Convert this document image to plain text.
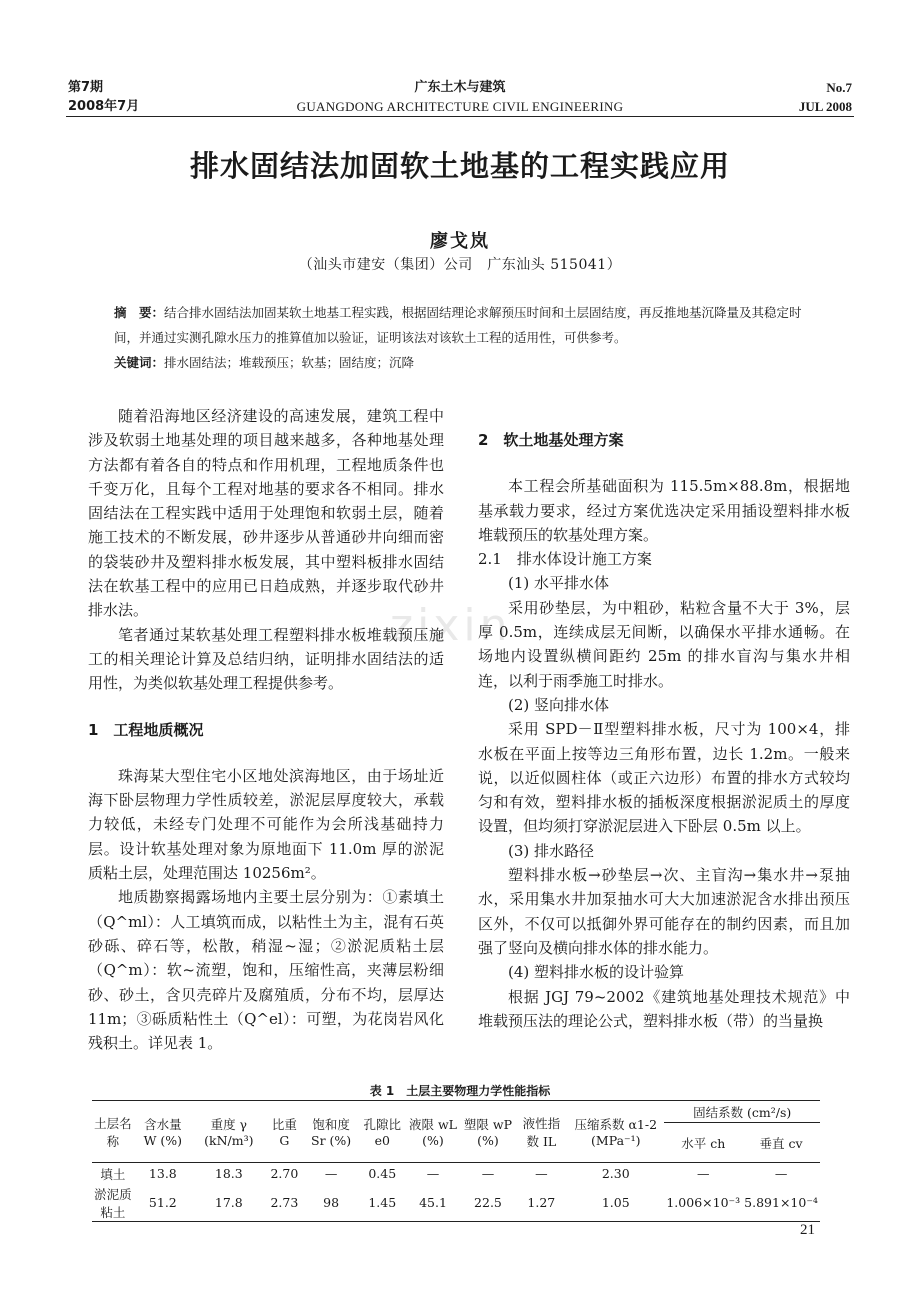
第7期
2008年7月
广东土木与建筑
GUANGDONG ARCHITECTURE CIVIL ENGINEERING
No.7
JUL 2008
zixin
排水固结法加固软土地基的工程实践应用
廖戈岚
（汕头市建安（集团）公司　广东汕头 515041）
摘　要：结合排水固结法加固某软土地基工程实践，根据固结理论求解预压时间和土层固结度，再反推地基沉降量及其稳定时间，并通过实测孔隙水压力的推算值加以验证，证明该法对该软土工程的适用性，可供参考。
关键词：排水固结法；堆载预压；软基；固结度；沉降

随着沿海地区经济建设的高速发展，建筑工程中涉及软弱土地基处理的项目越来越多，各种地基处理方法都有着各自的特点和作用机理，工程地质条件也千变万化，且每个工程对地基的要求各不相同。排水固结法在工程实践中适用于处理饱和软弱土层，随着施工技术的不断发展，砂井逐步从普通砂井向细而密的袋装砂井及塑料排水板发展，其中塑料板排水固结法在软基工程中的应用已日趋成熟，并逐步取代砂井排水法。

笔者通过某软基处理工程塑料排水板堆载预压施工的相关理论计算及总结归纳，证明排水固结法的适用性，为类似软基处理工程提供参考。

1　工程地质概况

珠海某大型住宅小区地处滨海地区，由于场址近海下卧层物理力学性质较差，淤泥层厚度较大，承载力较低，未经专门处理不可能作为会所浅基础持力层。设计软基处理对象为原地面下 11.0m 厚的淤泥质粘土层，处理范围达 10256m²。

地质勘察揭露场地内主要土层分别为：①素填土（Q^ml）：人工填筑而成，以粘性土为主，混有石英砂砾、碎石等，松散，稍湿~湿；②淤泥质粘土层（Q^m）：软~流塑，饱和，压缩性高，夹薄层粉细砂、砂土，含贝壳碎片及腐殖质，分布不均，层厚达 11m；③砾质粘性土（Q^el）：可塑，为花岗岩风化残积土。详见表 1。

2　软土地基处理方案

本工程会所基础面积为 115.5m×88.8m，根据地基承载力要求，经过方案优选决定采用插设塑料排水板堆载预压的软基处理方案。

2.1　排水体设计施工方案

(1) 水平排水体

采用砂垫层，为中粗砂，粘粒含量不大于 3%，层厚 0.5m，连续成层无间断，以确保水平排水通畅。在场地内设置纵横间距约 25m 的排水盲沟与集水井相连，以利于雨季施工时排水。

(2) 竖向排水体

采用 SPD－Ⅱ型塑料排水板，尺寸为 100×4，排水板在平面上按等边三角形布置，边长 1.2m。一般来说，以近似圆柱体（或正六边形）布置的排水方式较均匀和有效，塑料排水板的插板深度根据淤泥质土的厚度设置，但均须打穿淤泥层进入下卧层 0.5m 以上。

(3) 排水路径

塑料排水板→砂垫层→次、主盲沟→集水井→泵抽水，采用集水井加泵抽水可大大加速淤泥含水排出预压区外，不仅可以抵御外界可能存在的制约因素，而且加强了竖向及横向排水体的排水能力。

(4) 塑料排水板的设计验算

根据 JGJ 79~2002《建筑地基处理技术规范》中堆载预压法的理论公式，塑料排水板（带）的当量换

表 1　土层主要物理力学性能指标
土层名称	含水量 W (%)	重度 γ (kN/m³)	比重 G	饱和度 Sr (%)	孔隙比 e0	液限 wL (%)	塑限 wP (%)	液性指数 IL	压缩系数 α1-2 (MPa⁻¹)	固结系数 (cm²/s)	
										水平 ch	垂直 cv
填土	13.8	18.3	2.70	—	0.45	—	—	—	2.30	—	—
淤泥质粘土	51.2	17.8	2.73	98	1.45	45.1	22.5	1.27	1.05	1.006×10⁻³	5.891×10⁻⁴
21
